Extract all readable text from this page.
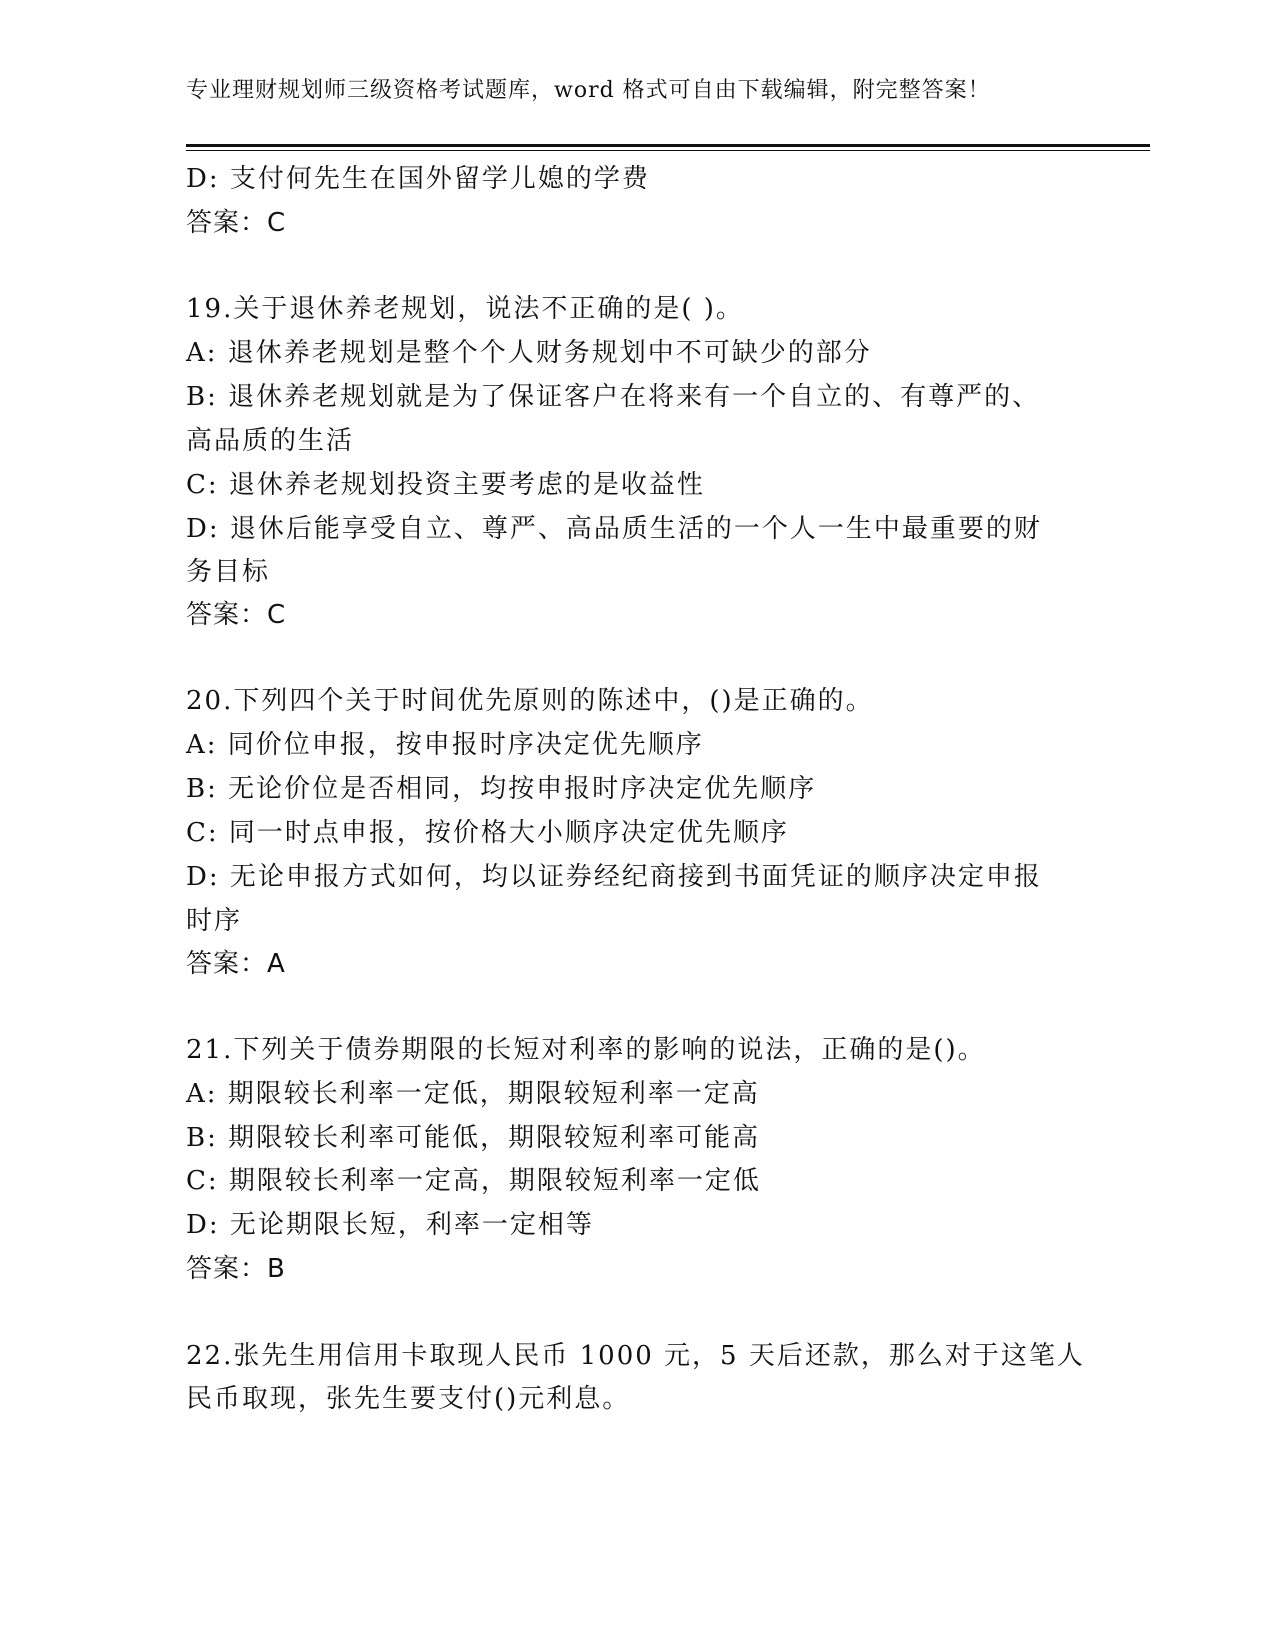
专业理财规划师三级资格考试题库，word 格式可自由下载编辑，附完整答案！
D: 支付何先生在国外留学儿媳的学费
答案：C
19.关于退休养老规划，说法不正确的是( )。
A: 退休养老规划是整个个人财务规划中不可缺少的部分
B: 退休养老规划就是为了保证客户在将来有一个自立的、有尊严的、
高品质的生活
C: 退休养老规划投资主要考虑的是收益性
D: 退休后能享受自立、尊严、高品质生活的一个人一生中最重要的财
务目标
答案：C
20.下列四个关于时间优先原则的陈述中，()是正确的。
A: 同价位申报，按申报时序决定优先顺序
B: 无论价位是否相同，均按申报时序决定优先顺序
C: 同一时点申报，按价格大小顺序决定优先顺序
D: 无论申报方式如何，均以证券经纪商接到书面凭证的顺序决定申报
时序
答案：A
21.下列关于债券期限的长短对利率的影响的说法，正确的是()。
A: 期限较长利率一定低，期限较短利率一定高
B: 期限较长利率可能低，期限较短利率可能高
C: 期限较长利率一定高，期限较短利率一定低
D: 无论期限长短，利率一定相等
答案：B
22.张先生用信用卡取现人民币 1000 元，5 天后还款，那么对于这笔人
民币取现，张先生要支付()元利息。
